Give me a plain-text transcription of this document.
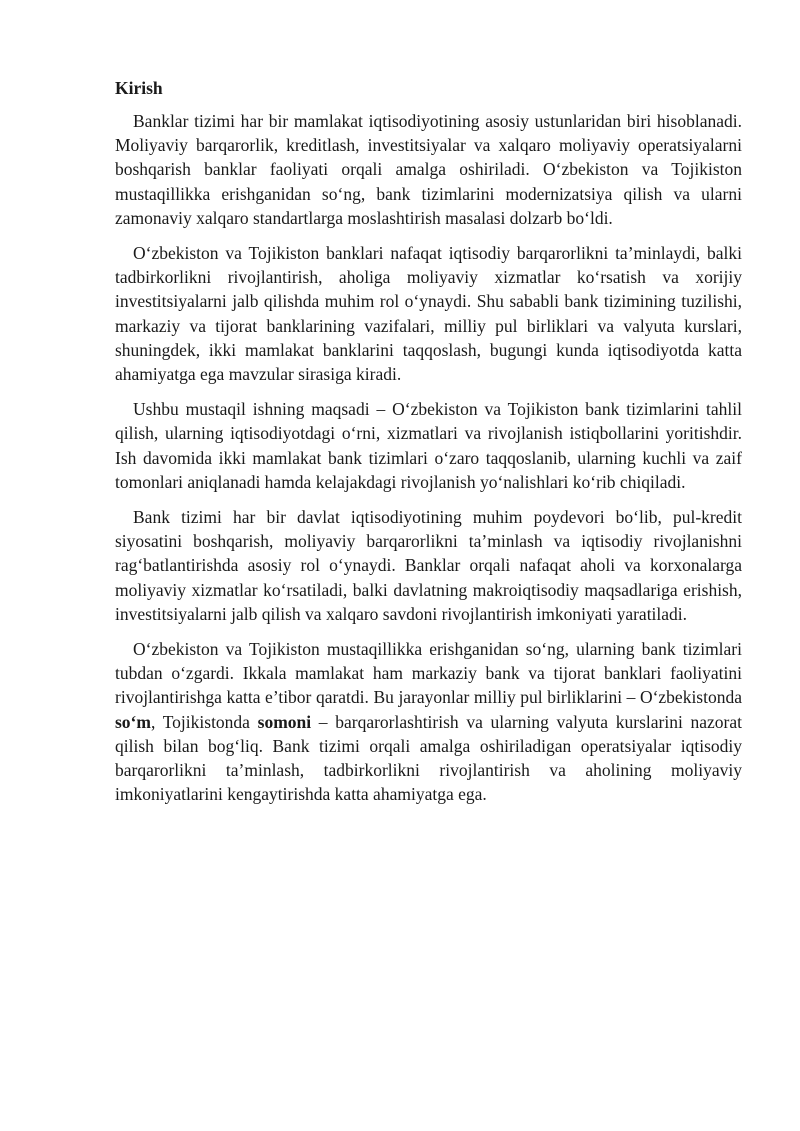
Kirish

Banklar tizimi har bir mamlakat iqtisodiyotining asosiy ustunlaridan biri hisoblanadi. Moliyaviy barqarorlik, kreditlash, investitsiyalar va xalqaro moliyaviy operatsiyalarni boshqarish banklar faoliyati orqali amalga oshiriladi. O‘zbekiston va Tojikiston mustaqillikka erishganidan so‘ng, bank tizimlarini modernizatsiya qilish va ularni zamonaviy xalqaro standartlarga moslashtirish masalasi dolzarb bo‘ldi.

O‘zbekiston va Tojikiston banklari nafaqat iqtisodiy barqarorlikni ta’minlaydi, balki tadbirkorlikni rivojlantirish, aholiga moliyaviy xizmatlar ko‘rsatish va xorijiy investitsiyalarni jalb qilishda muhim rol o‘ynaydi. Shu sababli bank tizimining tuzilishi, markaziy va tijorat banklarining vazifalari, milliy pul birliklari va valyuta kurslari, shuningdek, ikki mamlakat banklarini taqqoslash, bugungi kunda iqtisodiyotda katta ahamiyatga ega mavzular sirasiga kiradi.

Ushbu mustaqil ishning maqsadi – O‘zbekiston va Tojikiston bank tizimlarini tahlil qilish, ularning iqtisodiyotdagi o‘rni, xizmatlari va rivojlanish istiqbollarini yoritishdir. Ish davomida ikki mamlakat bank tizimlari o‘zaro taqqoslanib, ularning kuchli va zaif tomonlari aniqlanadi hamda kelajakdagi rivojlanish yo‘nalishlari ko‘rib chiqiladi.

Bank tizimi har bir davlat iqtisodiyotining muhim poydevori bo‘lib, pul-kredit siyosatini boshqarish, moliyaviy barqarorlikni ta’minlash va iqtisodiy rivojlanishni rag‘batlantirishda asosiy rol o‘ynaydi. Banklar orqali nafaqat aholi va korxonalarga moliyaviy xizmatlar ko‘rsatiladi, balki davlatning makroiqtisodiy maqsadlariga erishish, investitsiyalarni jalb qilish va xalqaro savdoni rivojlantirish imkoniyati yaratiladi.

O‘zbekiston va Tojikiston mustaqillikka erishganidan so‘ng, ularning bank tizimlari tubdan o‘zgardi. Ikkala mamlakat ham markaziy bank va tijorat banklari faoliyatini rivojlantirishga katta e’tibor qaratdi. Bu jarayonlar milliy pul birliklarini – O‘zbekistonda so‘m, Tojikistonda somoni – barqarorlashtirish va ularning valyuta kurslarini nazorat qilish bilan bog‘liq. Bank tizimi orqali amalga oshiriladigan operatsiyalar iqtisodiy barqarorlikni ta’minlash, tadbirkorlikni rivojlantirish va aholining moliyaviy imkoniyatlarini kengaytirishda katta ahamiyatga ega.
